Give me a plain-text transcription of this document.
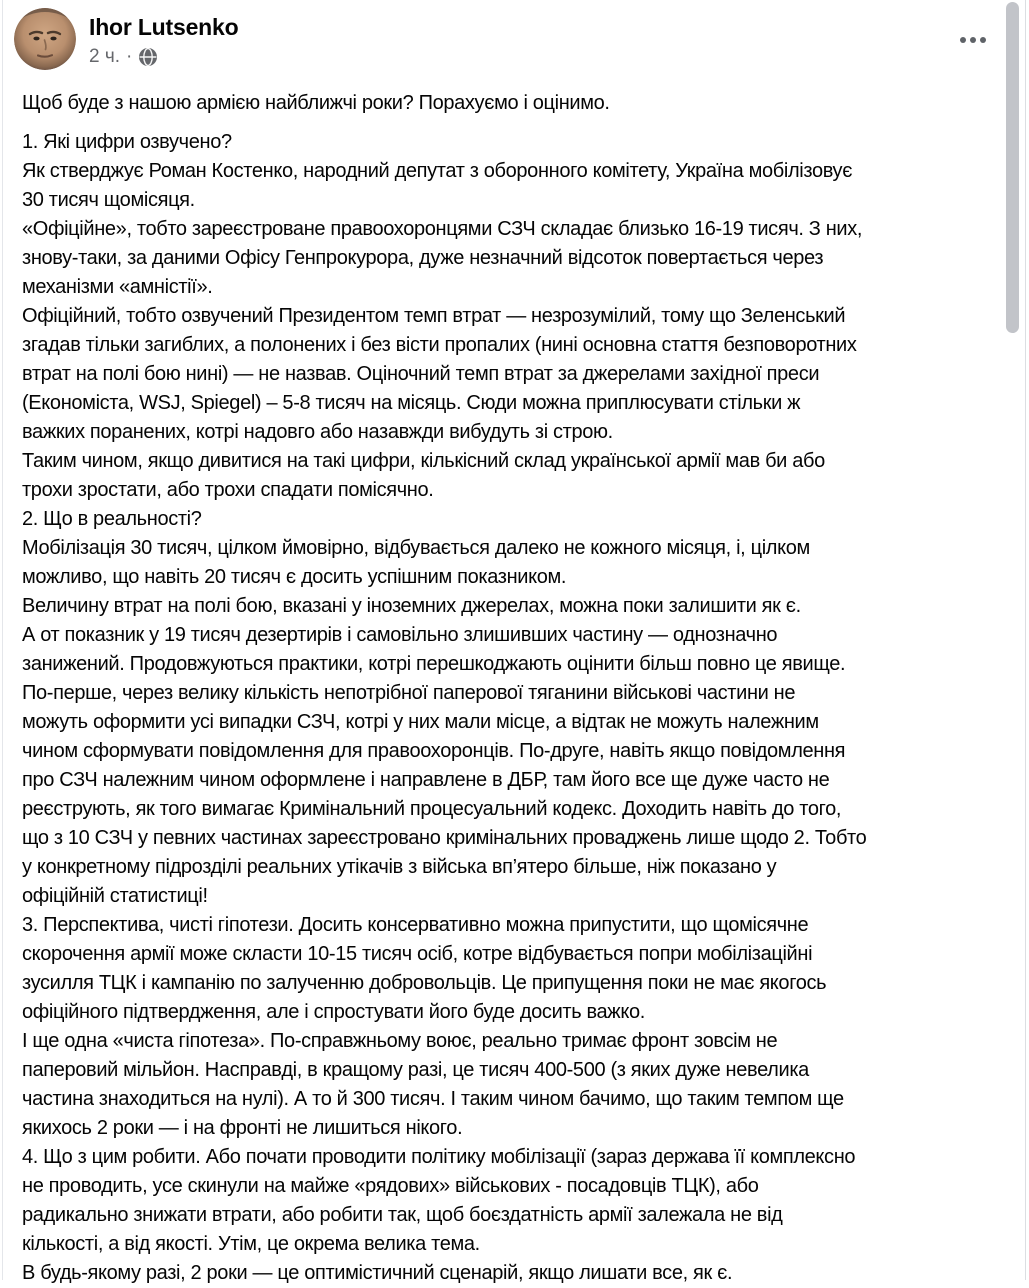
Ihor Lutsenko
2 ч. ·
Щоб буде з нашою армією найближчі роки? Порахуємо і оцінимо.
1. Які цифри озвучено?
Як стверджує Роман Костенко, народний депутат з оборонного комітету, Україна мобілізовує
30 тисяч щомісяця.
«Офіційне», тобто зареєстроване правоохоронцями СЗЧ складає близько 16-19 тисяч. З них,
знову-таки, за даними Офісу Генпрокурора, дуже незначний відсоток повертається через
механізми «амністії».
Офіційний, тобто озвучений Президентом темп втрат — незрозумілий, тому що Зеленський
згадав тільки загиблих, а полонених і без вісти пропалих (нині основна стаття безповоротних
втрат на полі бою нині) — не назвав. Оціночний темп втрат за джерелами західної преси
(Економіста, WSJ, Spiegel) – 5-8 тисяч на місяць. Сюди можна приплюсувати стільки ж
важких поранених, котрі надовго або назавжди вибудуть зі строю.
Таким чином, якщо дивитися на такі цифри, кількісний склад української армії мав би або
трохи зростати, або трохи спадати помісячно.
2. Що в реальності?
Мобілізація 30 тисяч, цілком ймовірно, відбувається далеко не кожного місяця, і, цілком
можливо, що навіть 20 тисяч є досить успішним показником.
Величину втрат на полі бою, вказані у іноземних джерелах, можна поки залишити як є.
А от показник у 19 тисяч дезертирів і самовільно злишивших частину — однозначно
занижений. Продовжуються практики, котрі перешкоджають оцінити більш повно це явище.
По-перше, через велику кількість непотрібної паперової тяганини військові частини не
можуть оформити усі випадки СЗЧ, котрі у них мали місце, а відтак не можуть належним
чином сформувати повідомлення для правоохоронців. По-друге, навіть якщо повідомлення
про СЗЧ належним чином оформлене і направлене в ДБР, там його все ще дуже часто не
реєструють, як того вимагає Кримінальний процесуальний кодекс. Доходить навіть до того,
що з 10 СЗЧ у певних частинах зареєстровано кримінальних проваджень лише щодо 2. Тобто
у конкретному підрозділі реальних утікачів з війська вп’ятеро більше, ніж показано у
офіційній статистиці!
3. Перспектива, чисті гіпотези. Досить консервативно можна припустити, що щомісячне
скорочення армії може скласти 10-15 тисяч осіб, котре відбувається попри мобілізаційні
зусилля ТЦК і кампанію по залученню добровольців. Це припущення поки не має якогось
офіційного підтвердження, але і спростувати його буде досить важко.
І ще одна «чиста гіпотеза». По-справжньому воює, реально тримає фронт зовсім не
паперовий мільйон. Насправді, в кращому разі, це тисяч 400-500 (з яких дуже невелика
частина знаходиться на нулі). А то й 300 тисяч. І таким чином бачимо, що таким темпом ще
якихось 2 роки — і на фронті не лишиться нікого.
4. Що з цим робити. Або почати проводити політику мобілізації (зараз держава її комплексно
не проводить, усе скинули на майже «рядових» військових - посадовців ТЦК), або
радикально знижати втрати, або робити так, щоб боєздатність армії залежала не від
кількості, а від якості. Утім, це окрема велика тема.
В будь-якому разі, 2 роки — це оптимістичний сценарій, якщо лишати все, як є.
